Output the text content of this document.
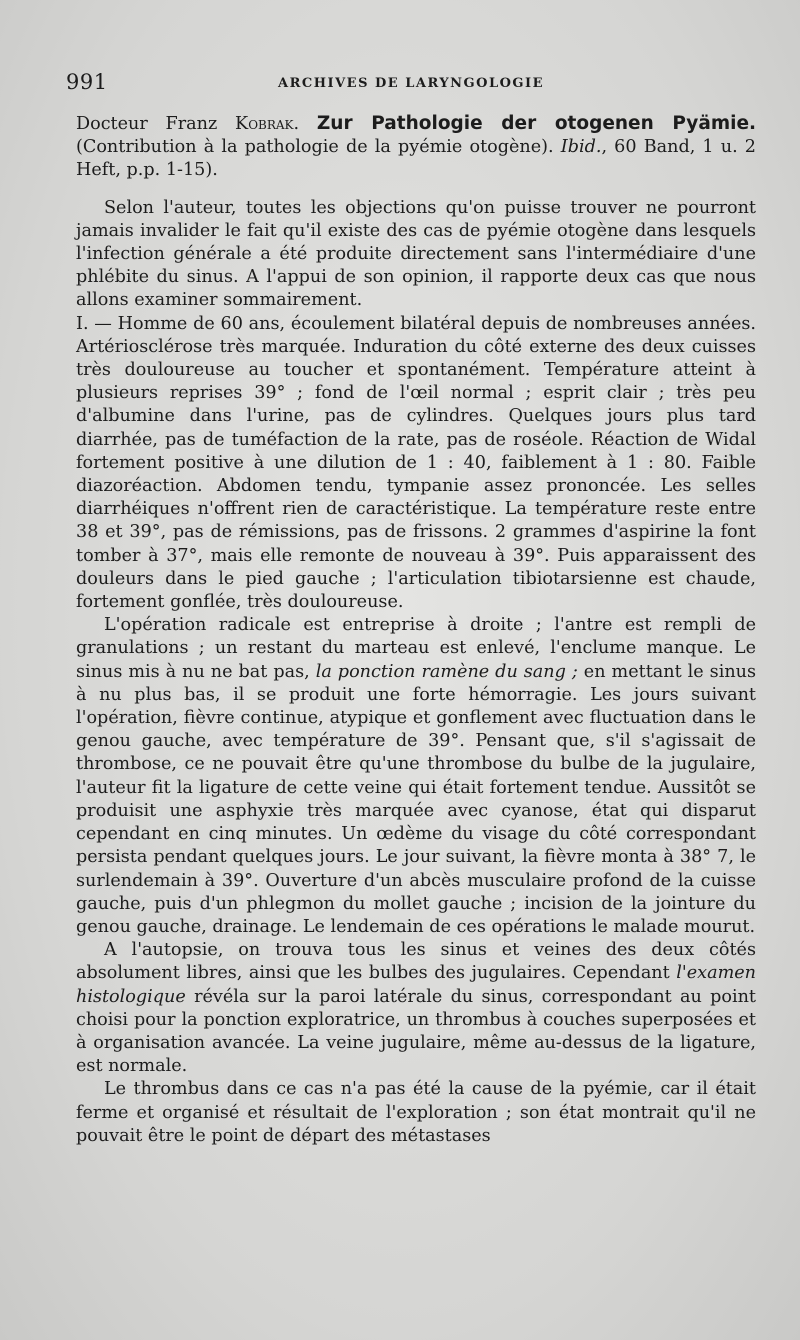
991	ARCHIVES DE LARYNGOLOGIE

Docteur Franz Kobrak. Zur Pathologie der otogenen Pyämie. (Contribution à la pathologie de la pyémie otogène). Ibid., 60 Band, 1 u. 2 Heft, p.p. 1-15).

Selon l'auteur, toutes les objections qu'on puisse trouver ne pourront jamais invalider le fait qu'il existe des cas de pyémie otogène dans lesquels l'infection générale a été produite directement sans l'intermédiaire d'une phlébite du sinus. A l'appui de son opinion, il rapporte deux cas que nous allons examiner sommairement.

I. — Homme de 60 ans, écoulement bilatéral depuis de nombreuses années. Artériosclérose très marquée. Induration du côté externe des deux cuisses très douloureuse au toucher et spontanément. Température atteint à plusieurs reprises 39° ; fond de l'œil normal ; esprit clair ; très peu d'albumine dans l'urine, pas de cylindres. Quelques jours plus tard diarrhée, pas de tuméfaction de la rate, pas de roséole. Réaction de Widal fortement positive à une dilution de 1 : 40, faiblement à 1 : 80. Faible diazoréaction. Abdomen tendu, tympanie assez prononcée. Les selles diarrhéiques n'offrent rien de caractéristique. La température reste entre 38 et 39°, pas de rémissions, pas de frissons. 2 grammes d'aspirine la font tomber à 37°, mais elle remonte de nouveau à 39°. Puis apparaissent des douleurs dans le pied gauche ; l'articulation tibiotarsienne est chaude, fortement gonflée, très douloureuse.

L'opération radicale est entreprise à droite ; l'antre est rempli de granulations ; un restant du marteau est enlevé, l'enclume manque. Le sinus mis à nu ne bat pas, la ponction ramène du sang ; en mettant le sinus à nu plus bas, il se produit une forte hémorragie. Les jours suivant l'opération, fièvre continue, atypique et gonflement avec fluctuation dans le genou gauche, avec température de 39°. Pensant que, s'il s'agissait de thrombose, ce ne pouvait être qu'une thrombose du bulbe de la jugulaire, l'auteur fit la ligature de cette veine qui était fortement tendue. Aussitôt se produisit une asphyxie très marquée avec cyanose, état qui disparut cependant en cinq minutes. Un œdème du visage du côté correspondant persista pendant quelques jours. Le jour suivant, la fièvre monta à 38° 7, le surlendemain à 39°. Ouverture d'un abcès musculaire profond de la cuisse gauche, puis d'un phlegmon du mollet gauche ; incision de la jointure du genou gauche, drainage. Le lendemain de ces opérations le malade mourut.

A l'autopsie, on trouva tous les sinus et veines des deux côtés absolument libres, ainsi que les bulbes des jugulaires. Cependant l'examen histologique révéla sur la paroi latérale du sinus, correspondant au point choisi pour la ponction exploratrice, un thrombus à couches superposées et à organisation avancée. La veine jugulaire, même au-dessus de la ligature, est normale.

Le thrombus dans ce cas n'a pas été la cause de la pyémie, car il était ferme et organisé et résultait de l'exploration ; son état montrait qu'il ne pouvait être le point de départ des métastases
